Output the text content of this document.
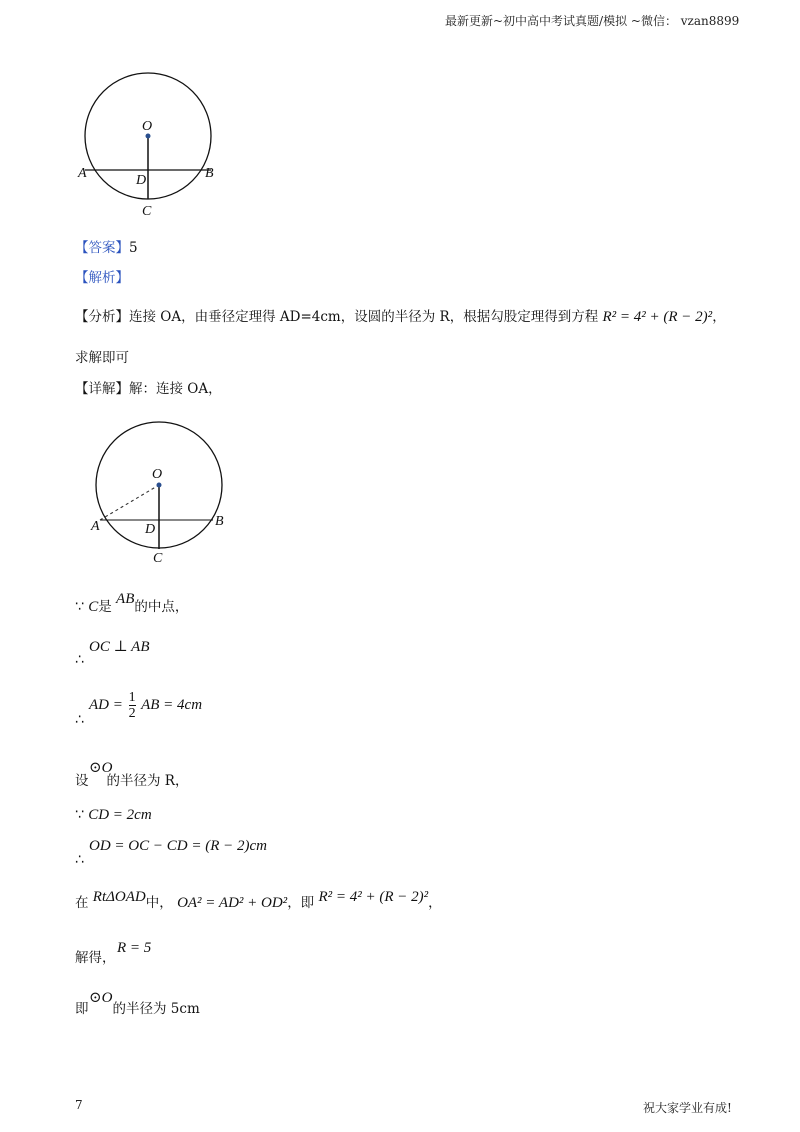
最新更新~初中高中考试真题/模拟 ~微信： vzan8899
O
A	B
D
C
【答案】5
【解析】
【分析】连接 OA，由垂径定理得 AD=4cm，设圆的半径为 R，根据勾股定理得到方程 R² = 4² + (R − 2)²，
求解即可
【详解】解：连接 OA，
O
A	B
D
C
∵ C是 AB的中点，
OC ⊥ AB
∴
AD = $\frac{1}{2}$ AB = 4cm
∴
⊙O
设 的半径为 R，
∵ CD = 2cm
OD = OC − CD = (R − 2)cm
∴
在 RtΔOAD中， OA² = AD² + OD²，即 R² = 4² + (R − 2)²，
R = 5
解得，
⊙O
即 的半径为 5cm
7	祝大家学业有成!
